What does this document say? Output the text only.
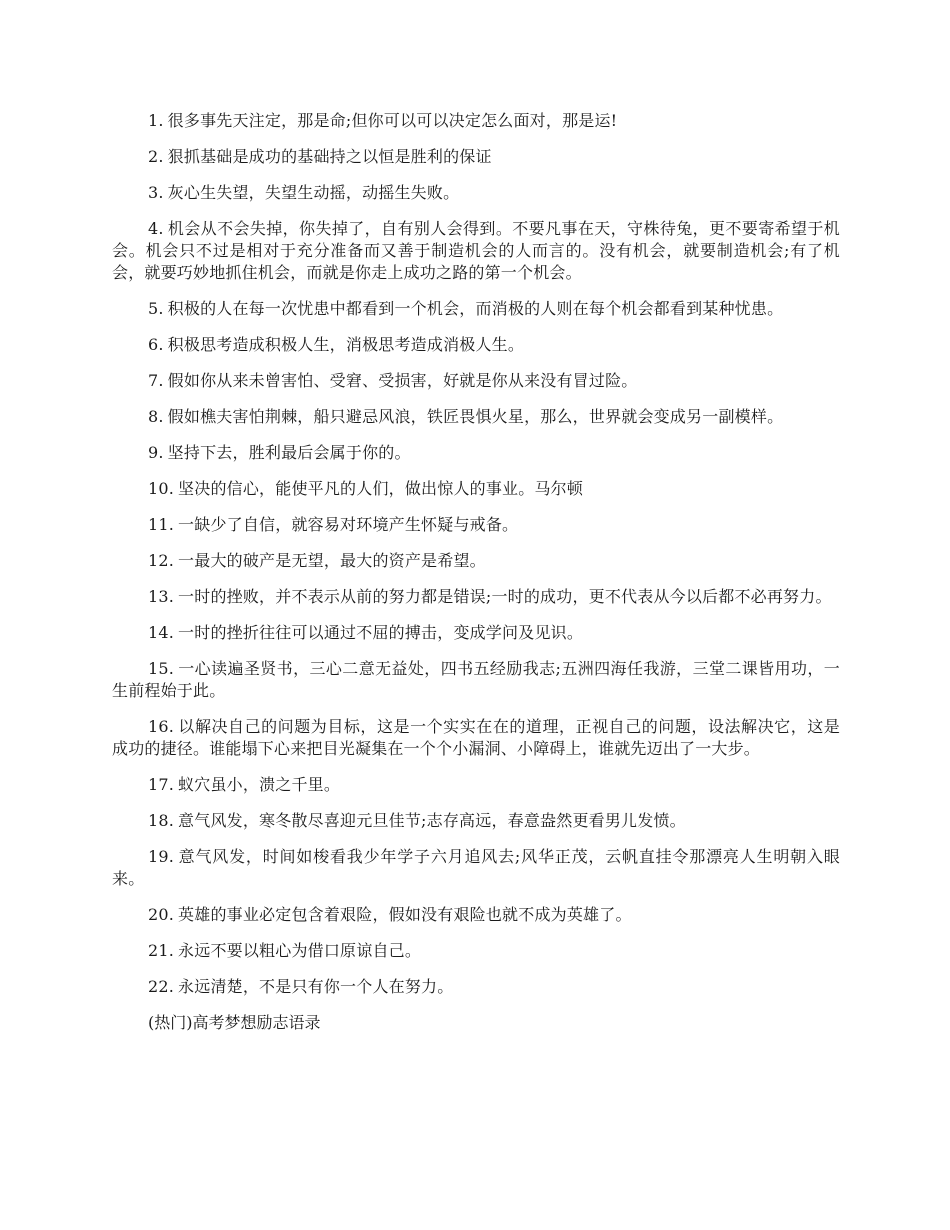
1. 很多事先天注定，那是命;但你可以可以决定怎么面对，那是运!

2. 狠抓基础是成功的基础持之以恒是胜利的保证

3. 灰心生失望，失望生动摇，动摇生失败。

4. 机会从不会失掉，你失掉了，自有别人会得到。不要凡事在天，守株待兔，更不要寄希望于机会。机会只不过是相对于充分准备而又善于制造机会的人而言的。没有机会，就要制造机会;有了机会，就要巧妙地抓住机会，而就是你走上成功之路的第一个机会。

5. 积极的人在每一次忧患中都看到一个机会，而消极的人则在每个机会都看到某种忧患。

6. 积极思考造成积极人生，消极思考造成消极人生。

7. 假如你从来未曾害怕、受窘、受损害，好就是你从来没有冒过险。

8. 假如樵夫害怕荆棘，船只避忌风浪，铁匠畏惧火星，那么，世界就会变成另一副模样。

9. 坚持下去，胜利最后会属于你的。

10. 坚决的信心，能使平凡的人们，做出惊人的事业。马尔顿

11. 一缺少了自信，就容易对环境产生怀疑与戒备。

12. 一最大的破产是无望，最大的资产是希望。

13. 一时的挫败，并不表示从前的努力都是错误;一时的成功，更不代表从今以后都不必再努力。

14. 一时的挫折往往可以通过不屈的搏击，变成学问及见识。

15. 一心读遍圣贤书，三心二意无益处，四书五经励我志;五洲四海任我游，三堂二课皆用功，一生前程始于此。

16. 以解决自己的问题为目标，这是一个实实在在的道理，正视自己的问题，设法解决它，这是成功的捷径。谁能塌下心来把目光凝集在一个个小漏洞、小障碍上，谁就先迈出了一大步。

17. 蚁穴虽小，溃之千里。

18. 意气风发，寒冬散尽喜迎元旦佳节;志存高远，春意盎然更看男儿发愤。

19. 意气风发，时间如梭看我少年学子六月追风去;风华正茂，云帆直挂令那漂亮人生明朝入眼来。

20. 英雄的事业必定包含着艰险，假如没有艰险也就不成为英雄了。

21. 永远不要以粗心为借口原谅自己。

22. 永远清楚，不是只有你一个人在努力。

(热门)高考梦想励志语录
